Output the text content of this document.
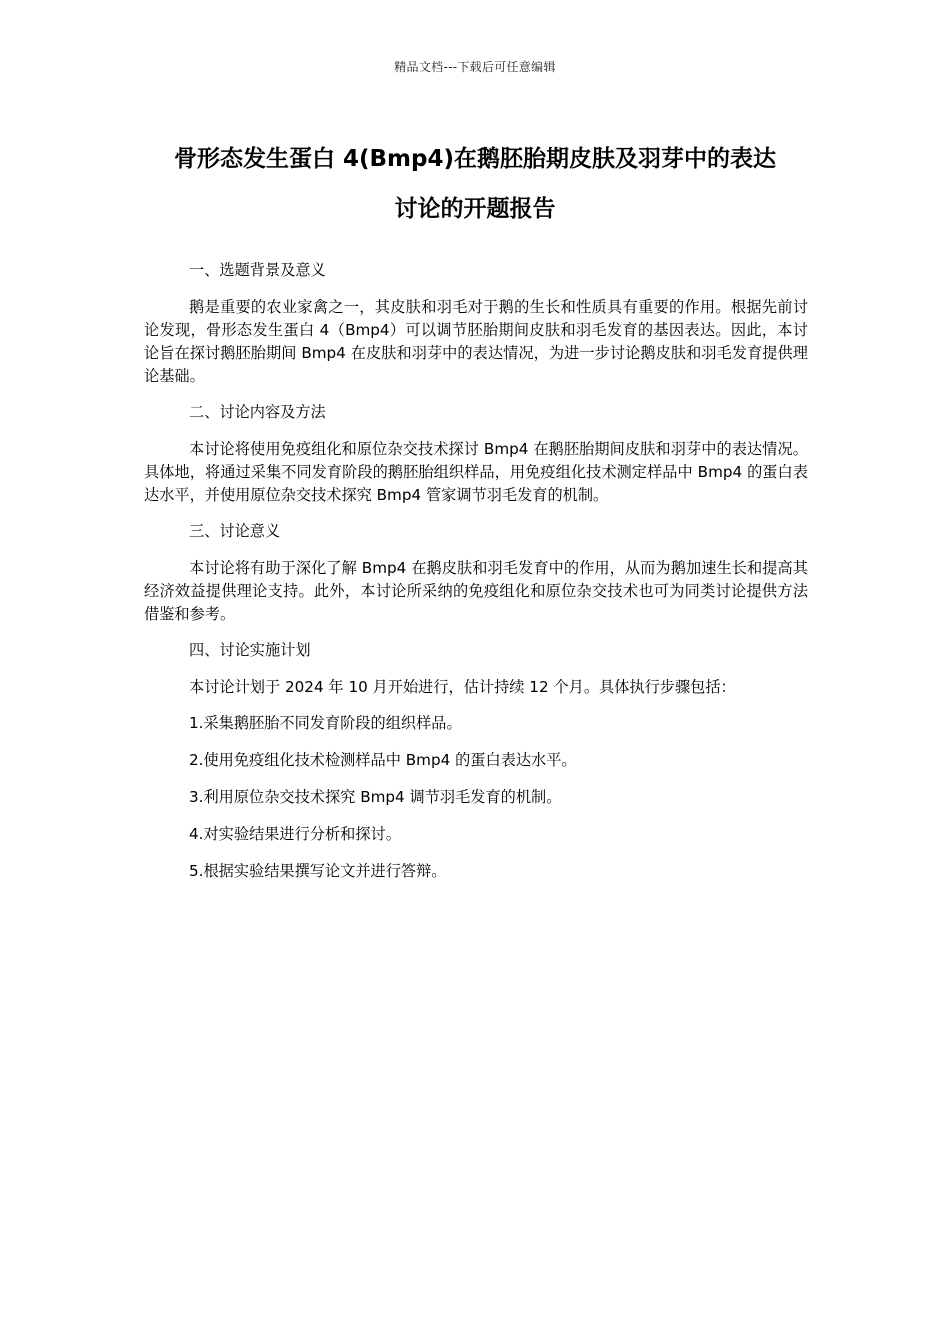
精品文档---下载后可任意编辑
骨形态发生蛋白 4(Bmp4)在鹅胚胎期皮肤及羽芽中的表达
讨论的开题报告
一、选题背景及意义
鹅是重要的农业家禽之一，其皮肤和羽毛对于鹅的生长和性质具有重要的作用。根据先前讨论发现，骨形态发生蛋白 4（Bmp4）可以调节胚胎期间皮肤和羽毛发育的基因表达。因此，本讨论旨在探讨鹅胚胎期间 Bmp4 在皮肤和羽芽中的表达情况，为进一步讨论鹅皮肤和羽毛发育提供理论基础。
二、讨论内容及方法
本讨论将使用免疫组化和原位杂交技术探讨 Bmp4 在鹅胚胎期间皮肤和羽芽中的表达情况。具体地，将通过采集不同发育阶段的鹅胚胎组织样品，用免疫组化技术测定样品中 Bmp4 的蛋白表达水平，并使用原位杂交技术探究 Bmp4 管家调节羽毛发育的机制。
三、讨论意义
本讨论将有助于深化了解 Bmp4 在鹅皮肤和羽毛发育中的作用，从而为鹅加速生长和提高其经济效益提供理论支持。此外，本讨论所采纳的免疫组化和原位杂交技术也可为同类讨论提供方法借鉴和参考。
四、讨论实施计划
本讨论计划于 2024 年 10 月开始进行，估计持续 12 个月。具体执行步骤包括：
1.采集鹅胚胎不同发育阶段的组织样品。
2.使用免疫组化技术检测样品中 Bmp4 的蛋白表达水平。
3.利用原位杂交技术探究 Bmp4 调节羽毛发育的机制。
4.对实验结果进行分析和探讨。
5.根据实验结果撰写论文并进行答辩。
